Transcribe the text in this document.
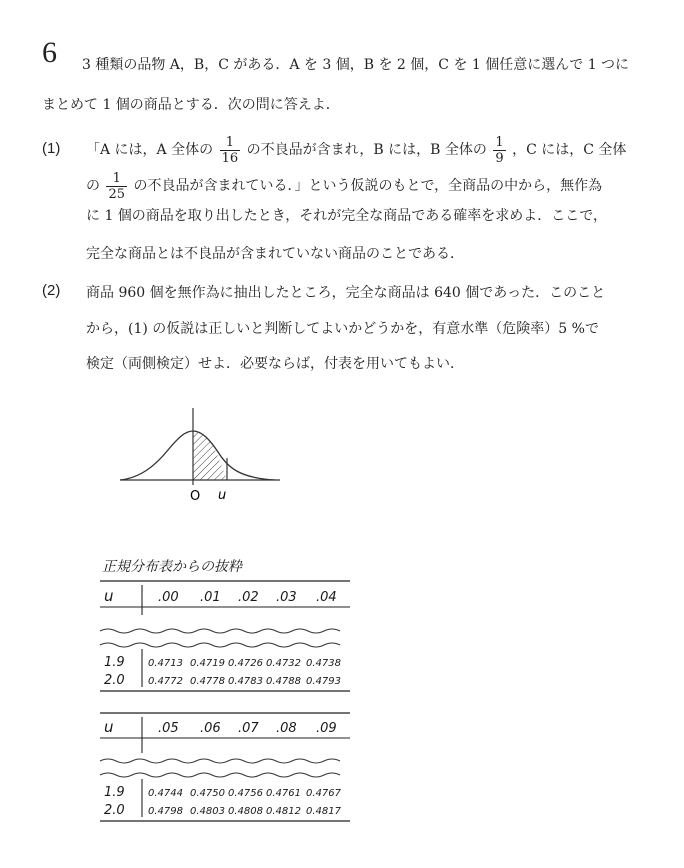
6	3 種類の品物 A，B，C がある．A を 3 個，B を 2 個，C を 1 個任意に選んで 1 つにまとめて 1 個の商品とする．次の問に答えよ．
(1) 「A には，A 全体の $\frac{1}{16}$ の不良品が含まれ，B には，B 全体の $\frac{1}{9}$ ，C には，C 全体
の $\frac{1}{25}$ の不良品が含まれている．」という仮説のもとで，全商品の中から，無作為
に 1 個の商品を取り出したとき，それが完全な商品である確率を求めよ．ここで，
完全な商品とは不良品が含まれていない商品のことである．
(2) 商品 960 個を無作為に抽出したところ，完全な商品は 640 個であった．このこと
から，(1) の仮説は正しいと判断してよいかどうかを，有意水準（危険率）5 %で
検定（両側検定）せよ．必要ならば，付表を用いてもよい．
O u
正規分布表からの抜粋
u	.00 .01 .02 .03 .04
1.9 0.4713 0.4719 0.4726 0.4732 0.4738
2.0 0.4772 0.4778 0.4783 0.4788 0.4793
u	.05 .06 .07 .08 .09
1.9 0.4744 0.4750 0.4756 0.4761 0.4767
2.0 0.4798 0.4803 0.4808 0.4812 0.4817
